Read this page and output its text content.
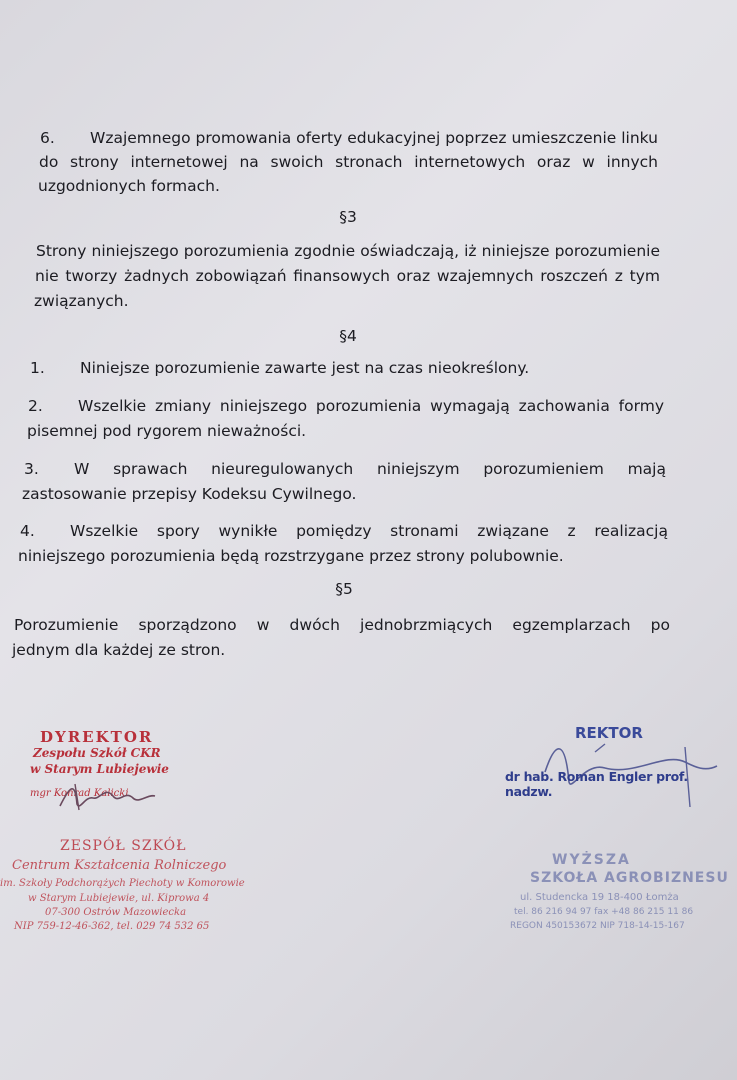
6. Wzajemnego promowania oferty edukacyjnej poprzez umieszczenie linku
do strony internetowej na swoich stronach internetowych oraz w innych
uzgodnionych formach.
§3
Strony niniejszego porozumienia zgodnie oświadczają, iż niniejsze porozumienie
nie tworzy żadnych zobowiązań finansowych oraz wzajemnych roszczeń z tym
związanych.
§4
1. Niniejsze porozumienie zawarte jest na czas nieokreślony.
2. Wszelkie zmiany niniejszego porozumienia wymagają zachowania formy
pisemnej pod rygorem nieważności.
3. W sprawach nieuregulowanych niniejszym porozumieniem mają
zastosowanie przepisy Kodeksu Cywilnego.
4. Wszelkie spory wynikłe pomiędzy stronami związane z realizacją
niniejszego porozumienia będą rozstrzygane przez strony polubownie.
§5
Porozumienie sporządzono w dwóch jednobrzmiących egzemplarzach po
jednym dla każdej ze stron.
DYREKTOR
Zespołu Szkół CKR
w Starym Lubiejewie
mgr Konrad Kalicki
ZESPÓŁ SZKÓŁ
Centrum Kształcenia Rolniczego
im. Szkoły Podchorążych Piechoty w Komorowie
w Starym Lubiejewie, ul. Kiprowa 4
07-300 Ostrów Mazowiecka
NIP 759-12-46-362, tel. 029 74 532 65
REKTOR
dr hab. Roman Engler prof. nadzw.
WYŻSZA
SZKOŁA AGROBIZNESU
ul. Studencka 19 18-400 Łomża
tel. 86 216 94 97 fax +48 86 215 11 86
REGON 450153672 NIP 718-14-15-167
